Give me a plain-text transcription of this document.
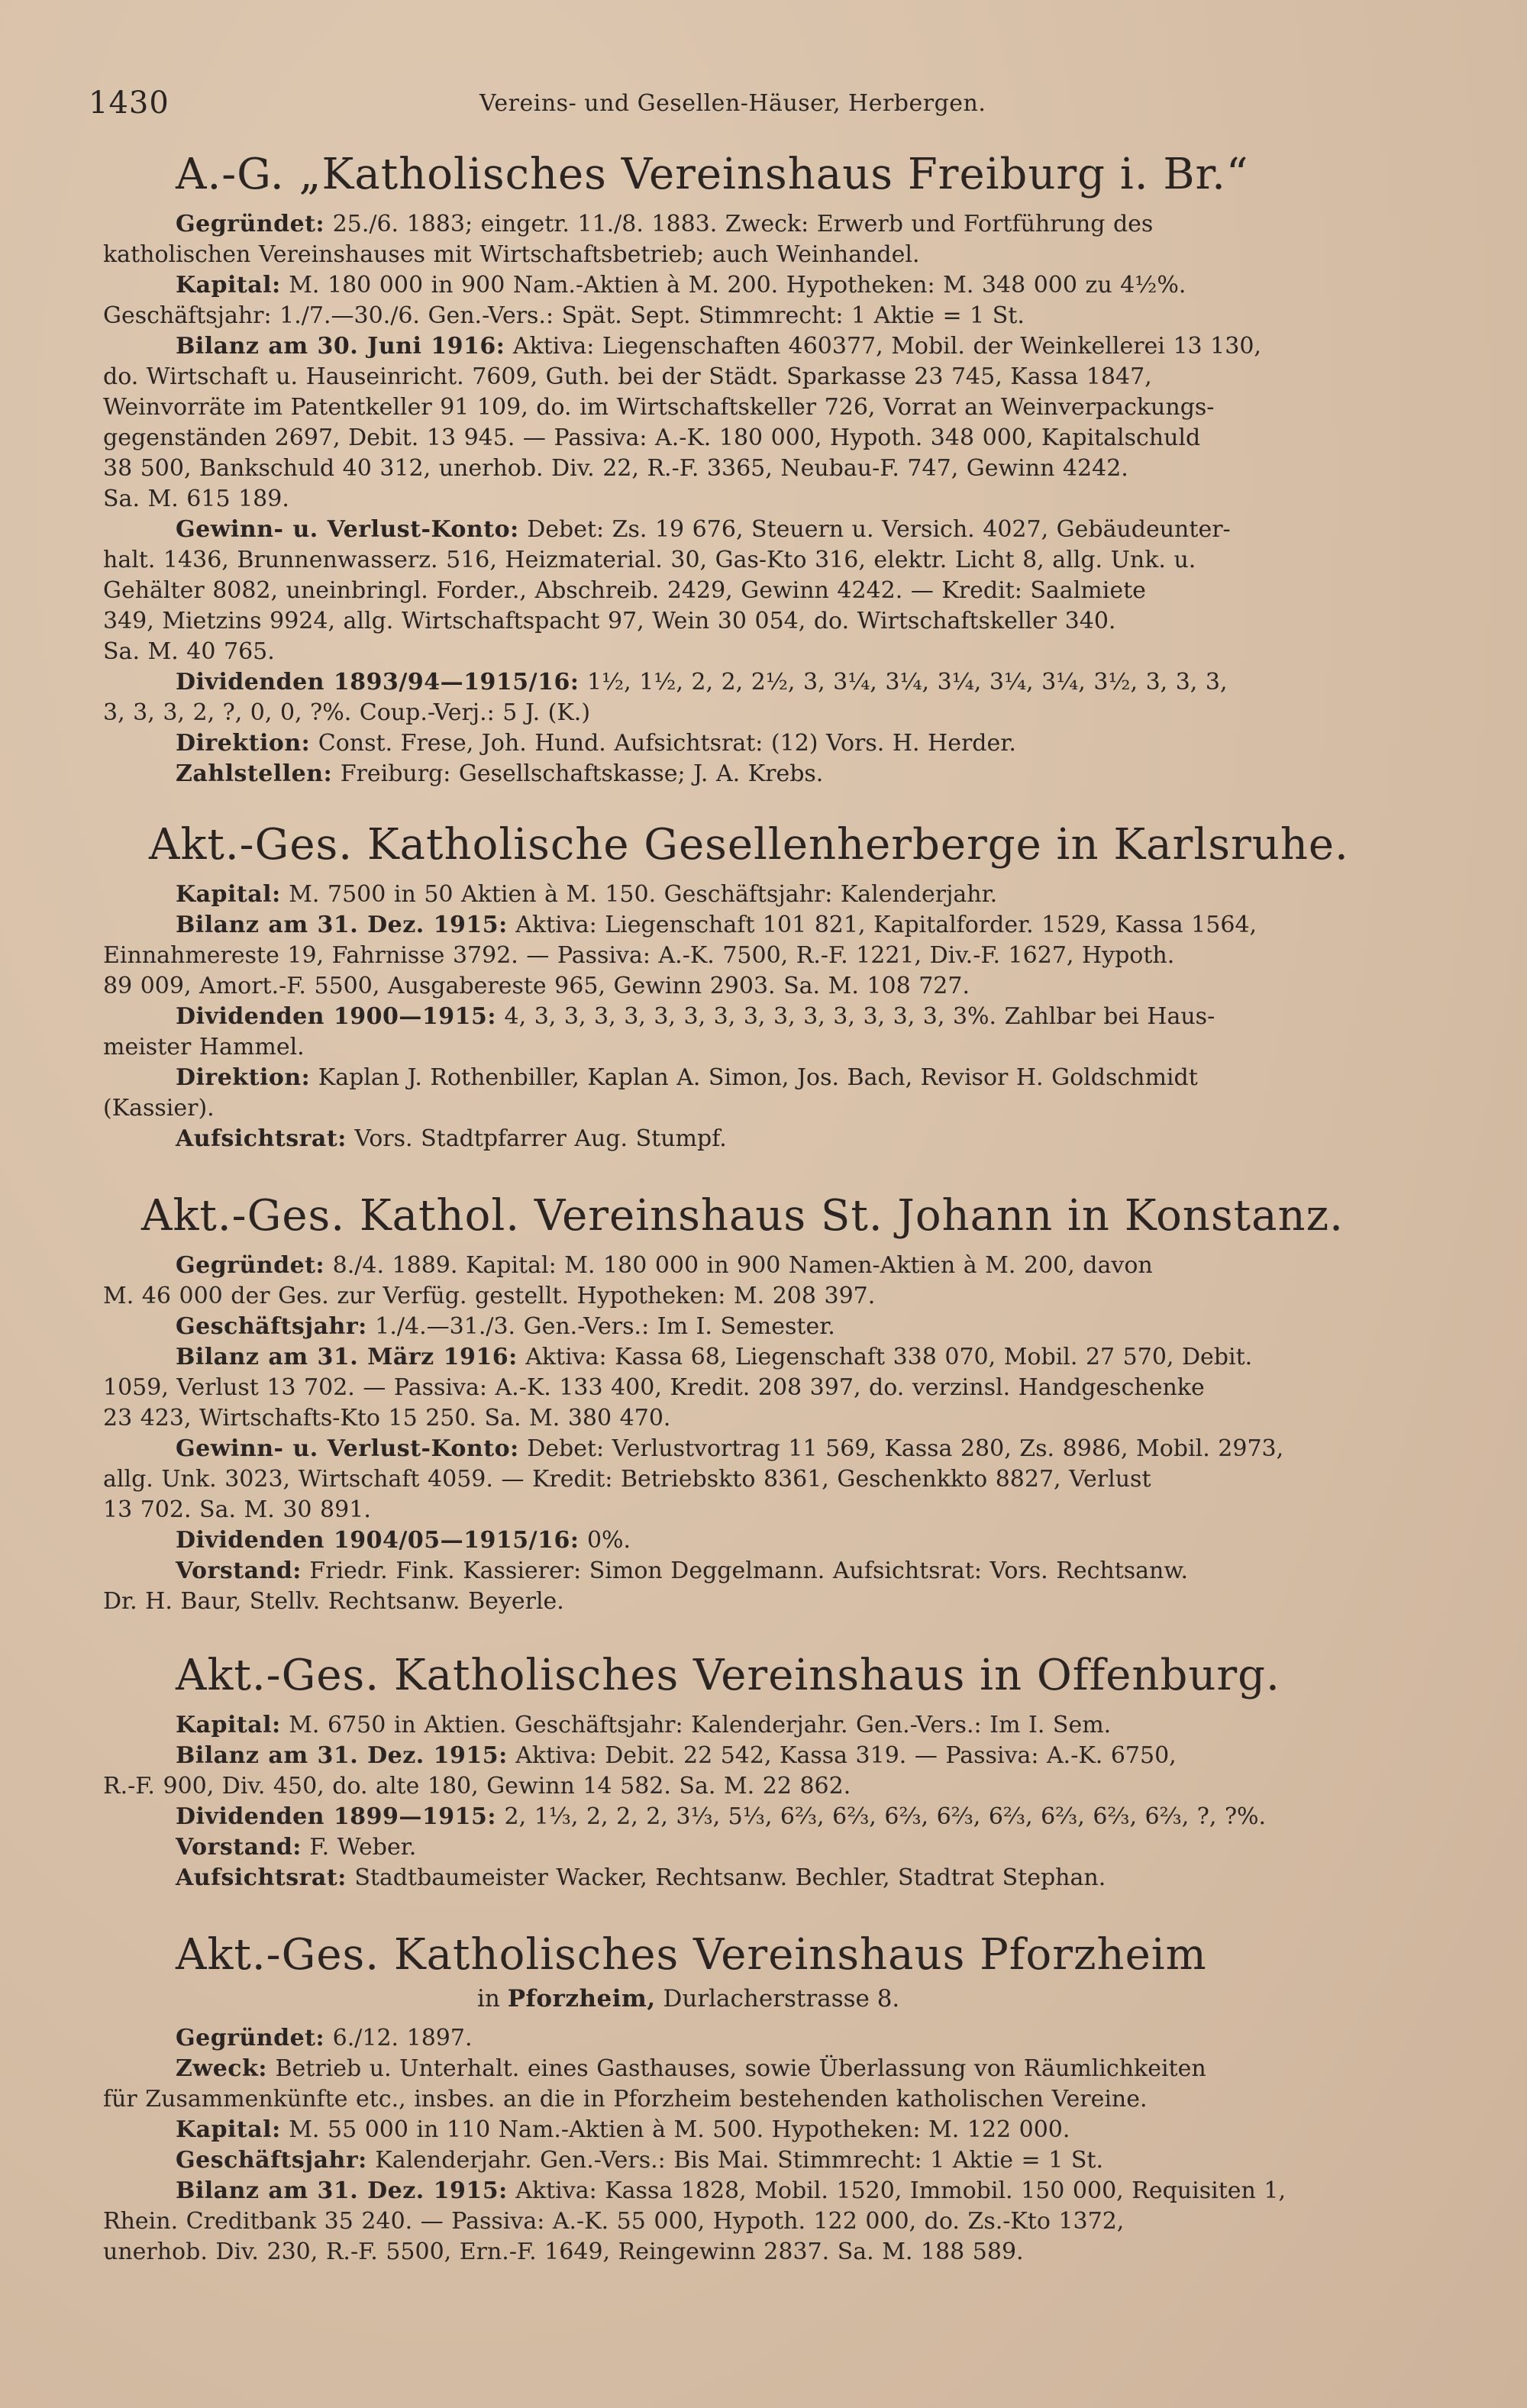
1430	Vereins- und Gesellen-Häuser, Herbergen.
A.-G. „Katholisches Vereinshaus Freiburg i. Br.“

Gegründet: 25./6. 1883; eingetr. 11./8. 1883. Zweck: Erwerb und Fortführung des
katholischen Vereinshauses mit Wirtschaftsbetrieb; auch Weinhandel.

Kapital: M. 180 000 in 900 Nam.-Aktien à M. 200. Hypotheken: M. 348 000 zu 4½%.
Geschäftsjahr: 1./7.—30./6. Gen.-Vers.: Spät. Sept. Stimmrecht: 1 Aktie = 1 St.

Bilanz am 30. Juni 1916: Aktiva: Liegenschaften 460377, Mobil. der Weinkellerei 13 130,
do. Wirtschaft u. Hauseinricht. 7609, Guth. bei der Städt. Sparkasse 23 745, Kassa 1847,
Weinvorräte im Patentkeller 91 109, do. im Wirtschaftskeller 726, Vorrat an Weinverpackungs-
gegenständen 2697, Debit. 13 945. — Passiva: A.-K. 180 000, Hypoth. 348 000, Kapitalschuld
38 500, Bankschuld 40 312, unerhob. Div. 22, R.-F. 3365, Neubau-F. 747, Gewinn 4242.
Sa. M. 615 189.

Gewinn- u. Verlust-Konto: Debet: Zs. 19 676, Steuern u. Versich. 4027, Gebäudeunter-
halt. 1436, Brunnenwasserz. 516, Heizmaterial. 30, Gas-Kto 316, elektr. Licht 8, allg. Unk. u.
Gehälter 8082, uneinbringl. Forder., Abschreib. 2429, Gewinn 4242. — Kredit: Saalmiete
349, Mietzins 9924, allg. Wirtschaftspacht 97, Wein 30 054, do. Wirtschaftskeller 340.
Sa. M. 40 765.

Dividenden 1893/94—1915/16: 1½, 1½, 2, 2, 2½, 3, 3¼, 3¼, 3¼, 3¼, 3¼, 3½, 3, 3, 3,
3, 3, 3, 2, ?, 0, 0, ?%. Coup.-Verj.: 5 J. (K.)

Direktion: Const. Frese, Joh. Hund. Aufsichtsrat: (12) Vors. H. Herder.

Zahlstellen: Freiburg: Gesellschaftskasse; J. A. Krebs.

Akt.-Ges. Katholische Gesellenherberge in Karlsruhe.

Kapital: M. 7500 in 50 Aktien à M. 150. Geschäftsjahr: Kalenderjahr.

Bilanz am 31. Dez. 1915: Aktiva: Liegenschaft 101 821, Kapitalforder. 1529, Kassa 1564,
Einnahmereste 19, Fahrnisse 3792. — Passiva: A.-K. 7500, R.-F. 1221, Div.-F. 1627, Hypoth.
89 009, Amort.-F. 5500, Ausgabereste 965, Gewinn 2903. Sa. M. 108 727.

Dividenden 1900—1915: 4, 3, 3, 3, 3, 3, 3, 3, 3, 3, 3, 3, 3, 3, 3, 3%. Zahlbar bei Haus-
meister Hammel.

Direktion: Kaplan J. Rothenbiller, Kaplan A. Simon, Jos. Bach, Revisor H. Goldschmidt
(Kassier).

Aufsichtsrat: Vors. Stadtpfarrer Aug. Stumpf.

Akt.-Ges. Kathol. Vereinshaus St. Johann in Konstanz.

Gegründet: 8./4. 1889. Kapital: M. 180 000 in 900 Namen-Aktien à M. 200, davon
M. 46 000 der Ges. zur Verfüg. gestellt. Hypotheken: M. 208 397.

Geschäftsjahr: 1./4.—31./3. Gen.-Vers.: Im I. Semester.

Bilanz am 31. März 1916: Aktiva: Kassa 68, Liegenschaft 338 070, Mobil. 27 570, Debit.
1059, Verlust 13 702. — Passiva: A.-K. 133 400, Kredit. 208 397, do. verzinsl. Handgeschenke
23 423, Wirtschafts-Kto 15 250. Sa. M. 380 470.

Gewinn- u. Verlust-Konto: Debet: Verlustvortrag 11 569, Kassa 280, Zs. 8986, Mobil. 2973,
allg. Unk. 3023, Wirtschaft 4059. — Kredit: Betriebskto 8361, Geschenkkto 8827, Verlust
13 702. Sa. M. 30 891.

Dividenden 1904/05—1915/16: 0%.

Vorstand: Friedr. Fink. Kassierer: Simon Deggelmann. Aufsichtsrat: Vors. Rechtsanw.
Dr. H. Baur, Stellv. Rechtsanw. Beyerle.

Akt.-Ges. Katholisches Vereinshaus in Offenburg.

Kapital: M. 6750 in Aktien. Geschäftsjahr: Kalenderjahr. Gen.-Vers.: Im I. Sem.

Bilanz am 31. Dez. 1915: Aktiva: Debit. 22 542, Kassa 319. — Passiva: A.-K. 6750,
R.-F. 900, Div. 450, do. alte 180, Gewinn 14 582. Sa. M. 22 862.

Dividenden 1899—1915: 2, 1⅓, 2, 2, 2, 3⅓, 5⅓, 6⅔, 6⅔, 6⅔, 6⅔, 6⅔, 6⅔, 6⅔, 6⅔, ?, ?%.

Vorstand: F. Weber.

Aufsichtsrat: Stadtbaumeister Wacker, Rechtsanw. Bechler, Stadtrat Stephan.

Akt.-Ges. Katholisches Vereinshaus Pforzheim
in Pforzheim, Durlacherstrasse 8.

Gegründet: 6./12. 1897.

Zweck: Betrieb u. Unterhalt. eines Gasthauses, sowie Überlassung von Räumlichkeiten
für Zusammenkünfte etc., insbes. an die in Pforzheim bestehenden katholischen Vereine.

Kapital: M. 55 000 in 110 Nam.-Aktien à M. 500. Hypotheken: M. 122 000.

Geschäftsjahr: Kalenderjahr. Gen.-Vers.: Bis Mai. Stimmrecht: 1 Aktie = 1 St.

Bilanz am 31. Dez. 1915: Aktiva: Kassa 1828, Mobil. 1520, Immobil. 150 000, Requisiten 1,
Rhein. Creditbank 35 240. — Passiva: A.-K. 55 000, Hypoth. 122 000, do. Zs.-Kto 1372,
unerhob. Div. 230, R.-F. 5500, Ern.-F. 1649, Reingewinn 2837. Sa. M. 188 589.
